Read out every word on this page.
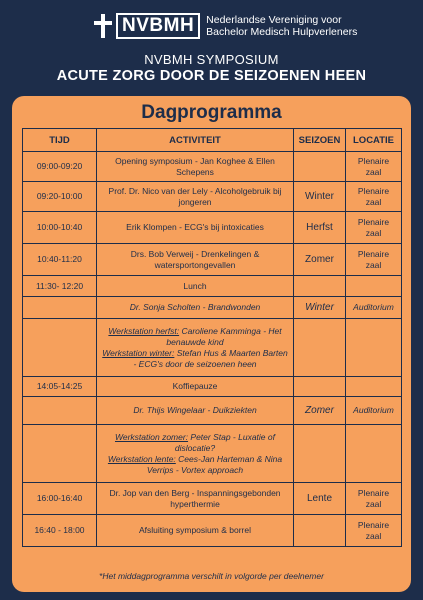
NVBMH	Nederlandse Vereniging voor
Bachelor Medisch Hulpverleners
NVBMH SYMPOSIUM
ACUTE ZORG DOOR DE SEIZOENEN HEEN
Dagprogramma
TIJD	ACTIVITEIT	SEIZOEN	LOCATIE
09:00-09:20	Opening symposium - Jan Koghee & Ellen Schepens		Plenaire zaal
09:20-10:00	Prof. Dr. Nico van der Lely - Alcoholgebruik bij jongeren	Winter	Plenaire zaal
10:00-10:40	Erik Klompen - ECG's bij intoxicaties	Herfst	Plenaire zaal
10:40-11:20	Drs. Bob Verweij - Drenkelingen & watersportongevallen	Zomer	Plenaire zaal
11:30- 12:20	Lunch		
	Dr. Sonja Scholten - Brandwonden	Winter	Auditorium
	Werkstation herfst: Caroliene Kamminga - Het benauwde kind
Werkstation winter: Stefan Hus & Maarten Barten - ECG's door de seizoenen heen		
14:05-14:25	Koffiepauze		
	Dr. Thijs Wingelaar - Duikziekten	Zomer	Auditorium
	Werkstation zomer: Peter Stap - Luxatie of dislocatie?
Werkstation lente: Cees-Jan Harteman & Nina Verrips - Vortex approach		
16:00-16:40	Dr. Jop van den Berg - Inspanningsgebonden hyperthermie	Lente	Plenaire zaal
16:40 - 18:00	Afsluiting symposium & borrel		Plenaire zaal
*Het middagprogramma verschilt in volgorde per deelnemer
